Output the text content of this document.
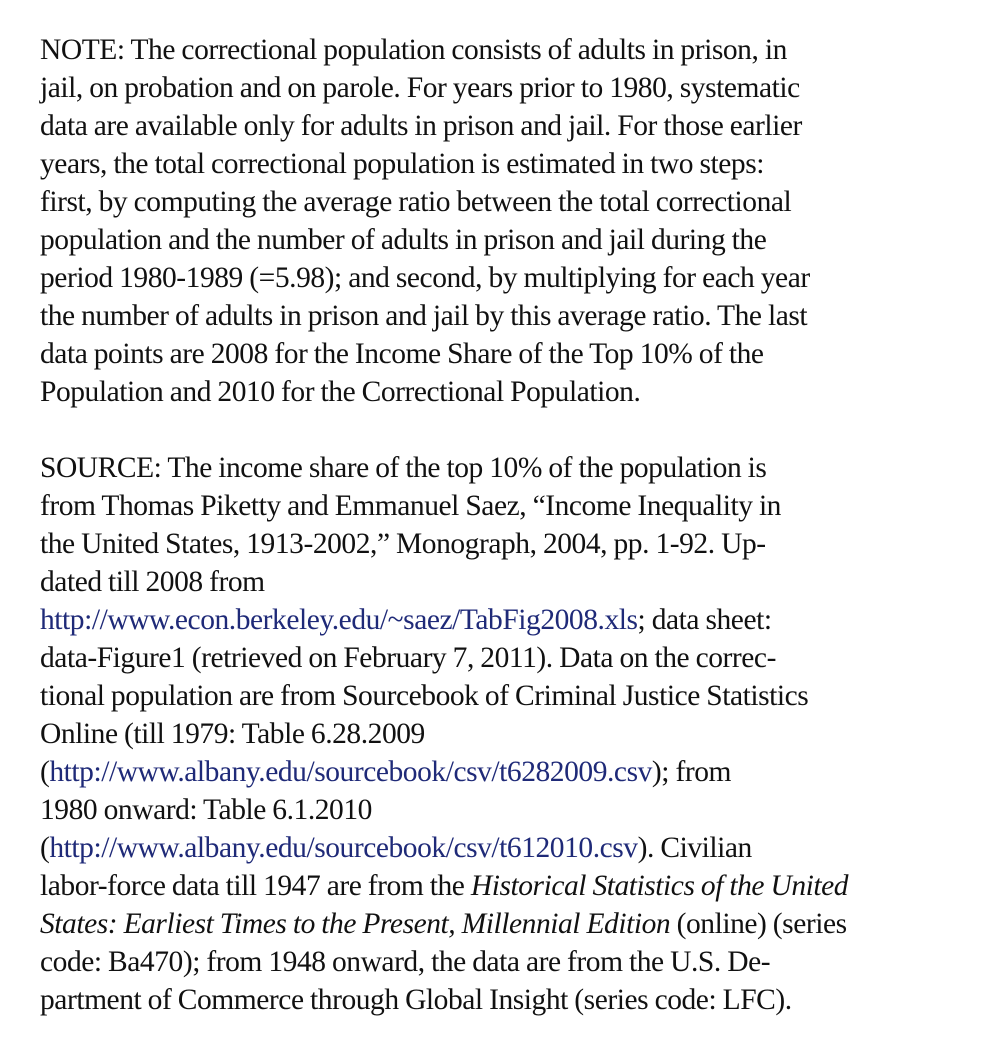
NOTE: The correctional population consists of adults in prison, in
jail, on probation and on parole. For years prior to 1980, systematic
data are available only for adults in prison and jail. For those earlier
years, the total correctional population is estimated in two steps:
first, by computing the average ratio between the total correctional
population and the number of adults in prison and jail during the
period 1980-1989 (=5.98); and second, by multiplying for each year
the number of adults in prison and jail by this average ratio. The last
data points are 2008 for the Income Share of the Top 10% of the
Population and 2010 for the Correctional Population.
SOURCE: The income share of the top 10% of the population is
from Thomas Piketty and Emmanuel Saez, “Income Inequality in
the United States, 1913-2002,” Monograph, 2004, pp. 1-92. Up-
dated till 2008 from
http://www.econ.berkeley.edu/~saez/TabFig2008.xls; data sheet:
data-Figure1 (retrieved on February 7, 2011). Data on the correc-
tional population are from Sourcebook of Criminal Justice Statistics
Online (till 1979: Table 6.28.2009
(http://www.albany.edu/sourcebook/csv/t6282009.csv); from
1980 onward: Table 6.1.2010
(http://www.albany.edu/sourcebook/csv/t612010.csv). Civilian
labor-force data till 1947 are from the Historical Statistics of the United
States: Earliest Times to the Present, Millennial Edition (online) (series
code: Ba470); from 1948 onward, the data are from the U.S. De-
partment of Commerce through Global Insight (series code: LFC).
